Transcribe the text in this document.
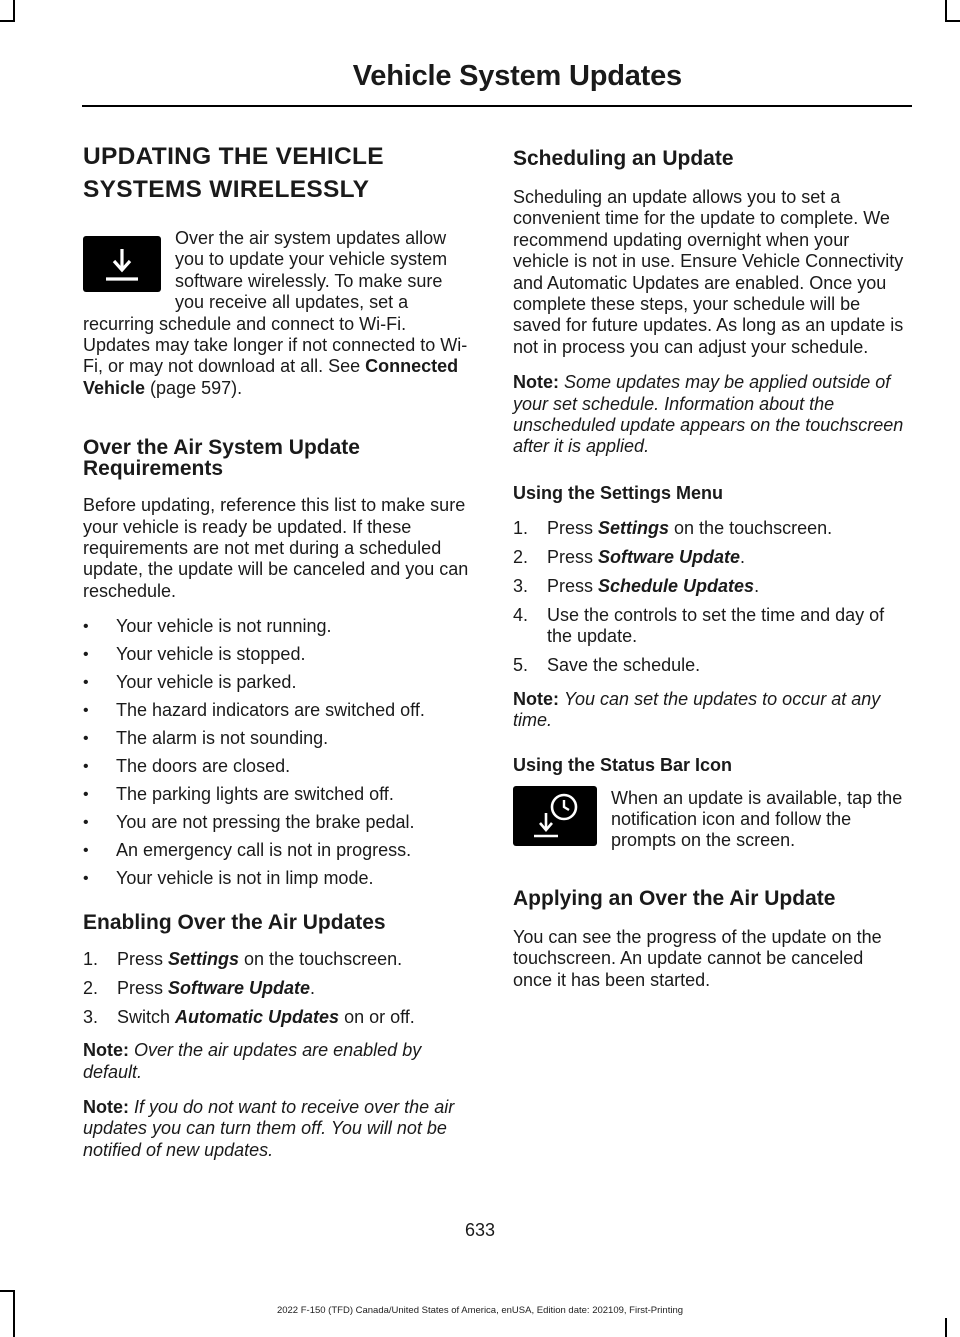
Vehicle System Updates
UPDATING THE VEHICLE
SYSTEMS WIRELESSLY

Over the air system updates allow you to update your vehicle system software wirelessly. To make sure you receive all updates, set a recurring schedule and connect to Wi-Fi. Updates may take longer if not connected to Wi-Fi, or may not download at all. See Connected Vehicle (page 597).

Over the Air System Update Requirements

Before updating, reference this list to make sure your vehicle is ready be updated. If these requirements are not met during a scheduled update, the update will be canceled and you can reschedule.

• Your vehicle is not running.
• Your vehicle is stopped.
• Your vehicle is parked.
• The hazard indicators are switched off.
• The alarm is not sounding.
• The doors are closed.
• The parking lights are switched off.
• You are not pressing the brake pedal.
• An emergency call is not in progress.
• Your vehicle is not in limp mode.
Enabling Over the Air Updates
1. Press Settings on the touchscreen.
2. Press Software Update.
3. Switch Automatic Updates on or off.

Note: Over the air updates are enabled by default.

Note: If you do not want to receive over the air updates you can turn them off. You will not be notified of new updates.

Scheduling an Update

Scheduling an update allows you to set a convenient time for the update to complete. We recommend updating overnight when your vehicle is not in use. Ensure Vehicle Connectivity and Automatic Updates are enabled. Once you complete these steps, your schedule will be saved for future updates. As long as an update is not in process you can adjust your schedule.

Note: Some updates may be applied outside of your set schedule. Information about the unscheduled update appears on the touchscreen after it is applied.

Using the Settings Menu
1. Press Settings on the touchscreen.
2. Press Software Update.
3. Press Schedule Updates.
4. Use the controls to set the time and day of the update.
5. Save the schedule.

Note: You can set the updates to occur at any time.

Using the Status Bar Icon

When an update is available, tap the notification icon and follow the prompts on the screen.

Applying an Over the Air Update

You can see the progress of the update on the touchscreen. An update cannot be canceled once it has been started.

633
2022 F-150 (TFD) Canada/United States of America, enUSA, Edition date: 202109, First-Printing
